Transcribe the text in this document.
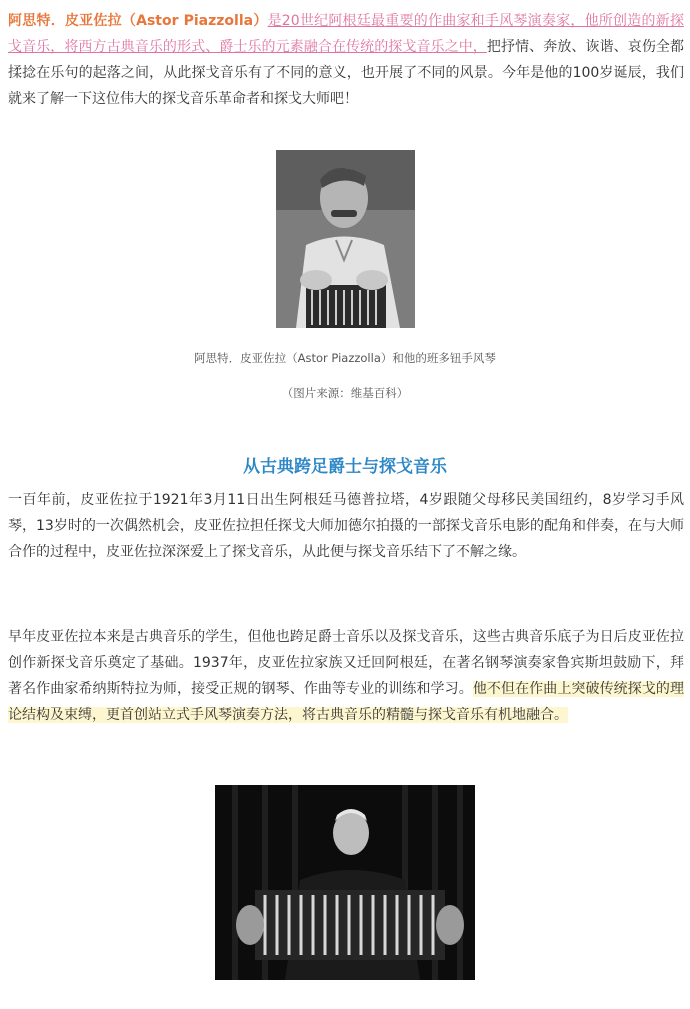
阿思特．皮亚佐拉（Astor Piazzolla）是20世纪阿根廷最重要的作曲家和手风琴演奏家，他所创造的新探戈音乐，将西方古典音乐的形式、爵士乐的元素融合在传统的探戈音乐之中，把抒情、奔放、诙谐、哀伤全都揉捻在乐句的起落之间，从此探戈音乐有了不同的意义，也开展了不同的风景。今年是他的100岁诞辰，我们就来了解一下这位伟大的探戈音乐革命者和探戈大师吧！

阿思特．皮亚佐拉（Astor Piazzolla）和他的班多钮手风琴

（图片来源：维基百科）

从古典跨足爵士与探戈音乐

一百年前，皮亚佐拉于1921年3月11日出生阿根廷马德普拉塔，4岁跟随父母移民美国纽约，8岁学习手风琴，13岁时的一次偶然机会，皮亚佐拉担任探戈大师加德尔拍摄的一部探戈音乐电影的配角和伴奏，在与大师合作的过程中，皮亚佐拉深深爱上了探戈音乐，从此便与探戈音乐结下了不解之缘。

早年皮亚佐拉本来是古典音乐的学生，但他也跨足爵士音乐以及探戈音乐，这些古典音乐底子为日后皮亚佐拉创作新探戈音乐奠定了基础。1937年，皮亚佐拉家族又迁回阿根廷，在著名钢琴演奏家鲁宾斯坦鼓励下，拜著名作曲家希纳斯特拉为师，接受正规的钢琴、作曲等专业的训练和学习。他不但在作曲上突破传统探戈的理论结构及束缚，更首创站立式手风琴演奏方法，将古典音乐的精髓与探戈音乐有机地融合。
